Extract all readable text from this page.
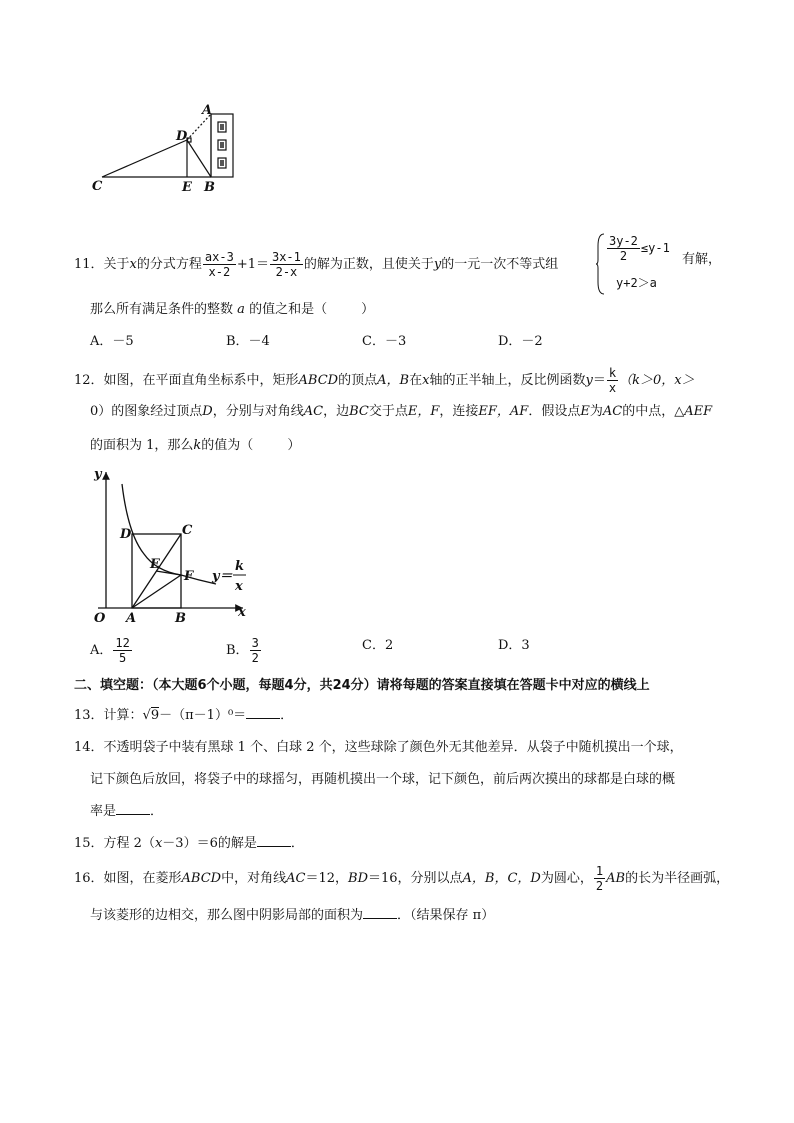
A
D
C	E B
11．关于x的分式方程 $\frac{ax-3}{x-2} +1= \frac{3x-1}{2-x}$ 的解为正数，且使关于y的一元一次不等式组
$\frac{3y-2}{2} \le y-1$
y+2＞a
有解，
那么所有满足条件的整数 a 的值之和是（	）
A．－5	B．－4	C．－3	D．－2
12．如图，在平面直角坐标系中，矩形ABCD的顶点A，B在x轴的正半轴上，反比例函数$y= \frac{k}{x} (k>0$，x＞
0）的图象经过顶点D，分别与对角线AC，边BC交于点E，F，连接EF，AF．假设点E为AC的中点，△AEF
的面积为 1，那么k的值为（	）
y
x
O A	B
C
D
E
F y＝
k
x
A． $\frac{12}{5}$	B． $\frac{3}{2}$	C．2	D．3
二、填空题：（本大题6个小题，每题4分，共24分）请将每题的答案直接填在答题卡中对应的横线上
13．计算：√9－（π－1）⁰＝	．
14．不透明袋子中装有黑球 1 个、白球 2 个，这些球除了颜色外无其他差异．从袋子中随机摸出一个球，
记下颜色后放回，将袋子中的球摇匀，再随机摸出一个球，记下颜色，前后两次摸出的球都是白球的概
率是	．
15．方程 2（x－3）＝6的解是	．
16．如图，在菱形ABCD中，对角线AC＝12，BD＝16，分别以点A，B，C，D为圆心， $\frac{1}{2}$ AB的长为半径画弧，
与该菱形的边相交，那么图中阴影局部的面积为	．（结果保存 π）
